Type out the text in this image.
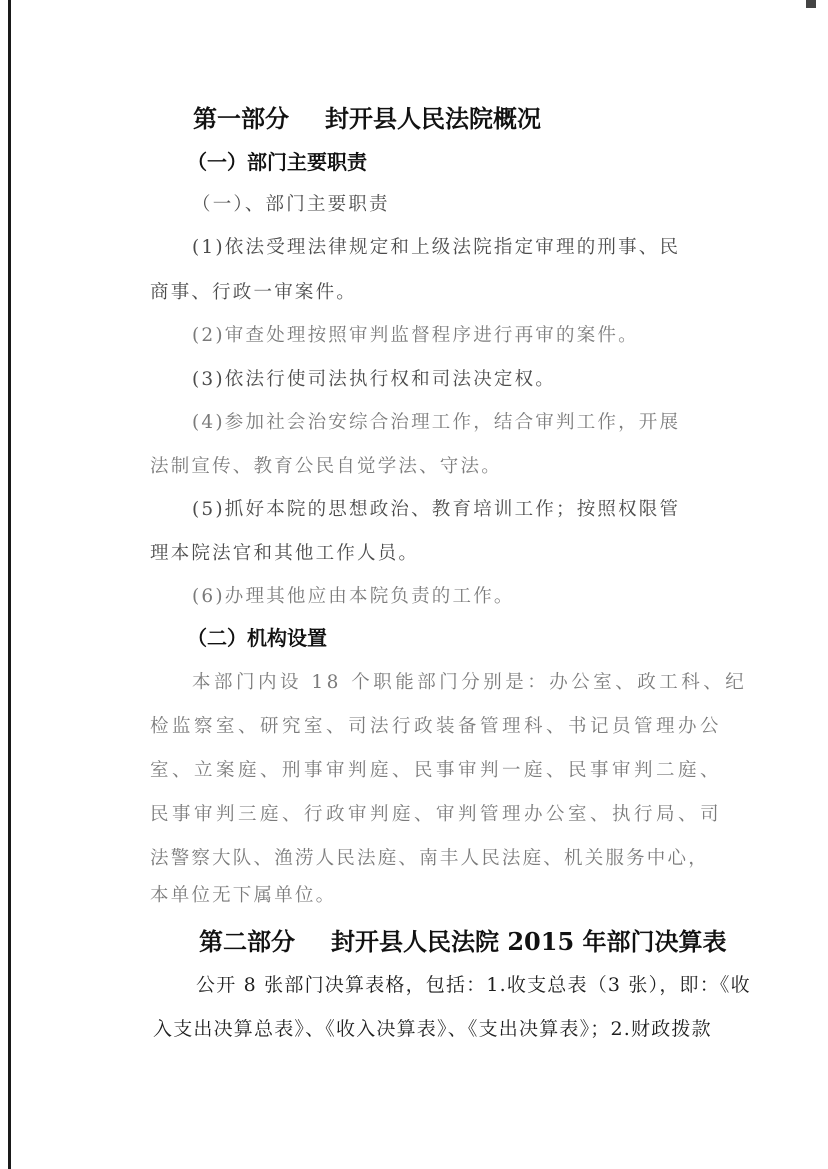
第一部分 封开县人民法院概况
（一）部门主要职责
（一）、部门主要职责
(1)依法受理法律规定和上级法院指定审理的刑事、民
商事、行政一审案件。
(2)审查处理按照审判监督程序进行再审的案件。
(3)依法行使司法执行权和司法决定权。
(4)参加社会治安综合治理工作，结合审判工作，开展
法制宣传、教育公民自觉学法、守法。
(5)抓好本院的思想政治、教育培训工作；按照权限管
理本院法官和其他工作人员。
(6)办理其他应由本院负责的工作。
（二）机构设置
本部门内设 18 个职能部门分别是：办公室、政工科、纪
检监察室、研究室、司法行政装备管理科、书记员管理办公
室、立案庭、刑事审判庭、民事审判一庭、民事审判二庭、
民事审判三庭、行政审判庭、审判管理办公室、执行局、司
法警察大队、渔涝人民法庭、南丰人民法庭、机关服务中心，
本单位无下属单位。
第二部分 封开县人民法院 2015 年部门决算表
公开 8 张部门决算表格，包括：1.收支总表（3 张），即：《收
入支出决算总表》、《收入决算表》、《支出决算表》；2.财政拨款
